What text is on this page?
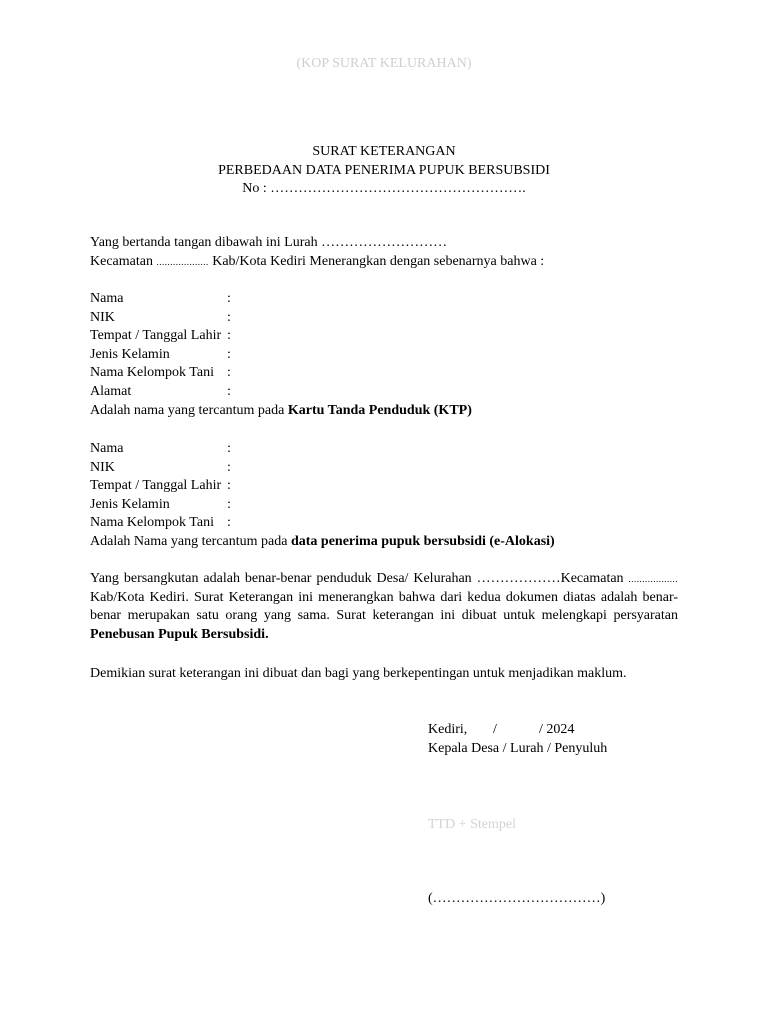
(KOP SURAT KELURAHAN)
SURAT KETERANGAN
PERBEDAAN DATA PENERIMA PUPUK BERSUBSIDI
No : ……………………………………………….
Yang bertanda tangan dibawah ini Lurah ………………………
Kecamatan ................... Kab/Kota Kediri Menerangkan dengan sebenarnya bahwa :
Nama	:
NIK	:
Tempat / Tanggal Lahir :
Jenis Kelamin	:
Nama Kelompok Tani :
Alamat	:
Adalah nama yang tercantum pada Kartu Tanda Penduduk (KTP)
Nama	:
NIK	:
Tempat / Tanggal Lahir :
Jenis Kelamin	:
Nama Kelompok Tani :
Adalah Nama yang tercantum pada data penerima pupuk bersubsidi (e-Alokasi)
Yang bersangkutan adalah benar-benar penduduk Desa/ Kelurahan ………………Kecamatan .................. Kab/Kota Kediri. Surat Keterangan ini menerangkan bahwa dari kedua dokumen diatas adalah benar-benar merupakan satu orang yang sama. Surat keterangan ini dibuat untuk melengkapi persyaratan Penebusan Pupuk Bersubsidi.
Demikian surat keterangan ini dibuat dan bagi yang berkepentingan untuk menjadikan maklum.
Kediri, /	/ 2024
Kepala Desa / Lurah / Penyuluh
TTD + Stempel
(………………………………)
